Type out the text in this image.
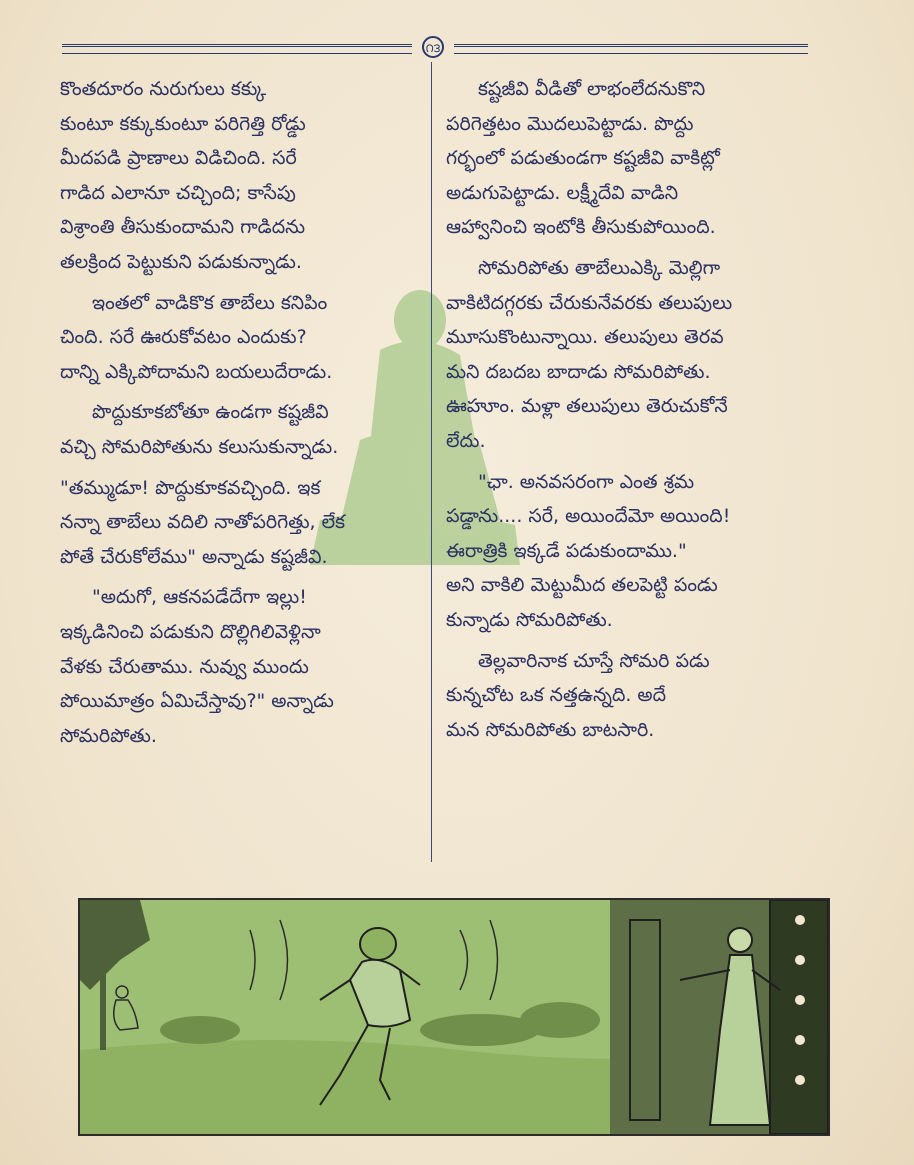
౧౩

కొంతదూరం నురుగులు కక్కు
కుంటూ కక్కుకుంటూ పరిగెత్తి రోడ్డు
మీదపడి ప్రాణాలు విడిచింది. సరే
గాడిద ఎలానూ చచ్చింది; కాసేపు
విశ్రాంతి తీసుకుందామని గాడిదను
తలక్రింద పెట్టుకుని పడుకున్నాడు.

ఇంతలో వాడికొక తాబేలు కనిపిం
చింది. సరే ఊరుకోవటం ఎందుకు?
దాన్ని ఎక్కిపోదామని బయలుదేరాడు.

పొద్దుకూకబోతూ ఉండగా కష్టజీవి
వచ్చి సోమరిపోతును కలుసుకున్నాడు.

"తమ్ముడూ! పొద్దుకూకవచ్చింది. ఇక
నన్నా తాబేలు వదిలి నాతోపరిగెత్తు, లేక
పోతే చేరుకోలేము" అన్నాడు కష్టజీవి.

"అదుగో, ఆకనపడేదేగా ఇల్లు!
ఇక్కడినించి పడుకుని దొల్లిగిలివెళ్లినా
వేళకు చేరుతాము. నువ్వు ముందు
పోయిమాత్రం ఏమిచేస్తావు?" అన్నాడు
సోమరిపోతు.

కష్టజీవి వీడితో లాభంలేదనుకొని
పరిగెత్తటం మొదలుపెట్టాడు. పొద్దు
గర్భంలో పడుతుండగా కష్టజీవి వాకిట్లో
అడుగుపెట్టాడు. లక్ష్మీదేవి వాడిని
ఆహ్వానించి ఇంటోకి తీసుకుపోయింది.

సోమరిపోతు తాబేలుఎక్కి మెల్లిగా
వాకిటిదగ్గరకు చేరుకునేవరకు తలుపులు
మూసుకొంటున్నాయి. తలుపులు తెరవ
మని దబదబ బాదాడు సోమరిపోతు.
ఊహూం. మళ్లా తలుపులు తెరుచుకోనే
లేదు.

"ఛా. అనవసరంగా ఎంత శ్రమ
పడ్డాను.... సరే, అయిందేమో అయింది!
ఈరాత్రికి ఇక్కడే పడుకుందాము."
అని వాకిలి మెట్టుమీద తలపెట్టి పండు
కున్నాడు సోమరిపోతు.

తెల్లవారినాక చూస్తే సోమరి పడు
కున్నచోట ఒక నత్తఉన్నది. అదే
మన సోమరిపోతు బాటసారి.
